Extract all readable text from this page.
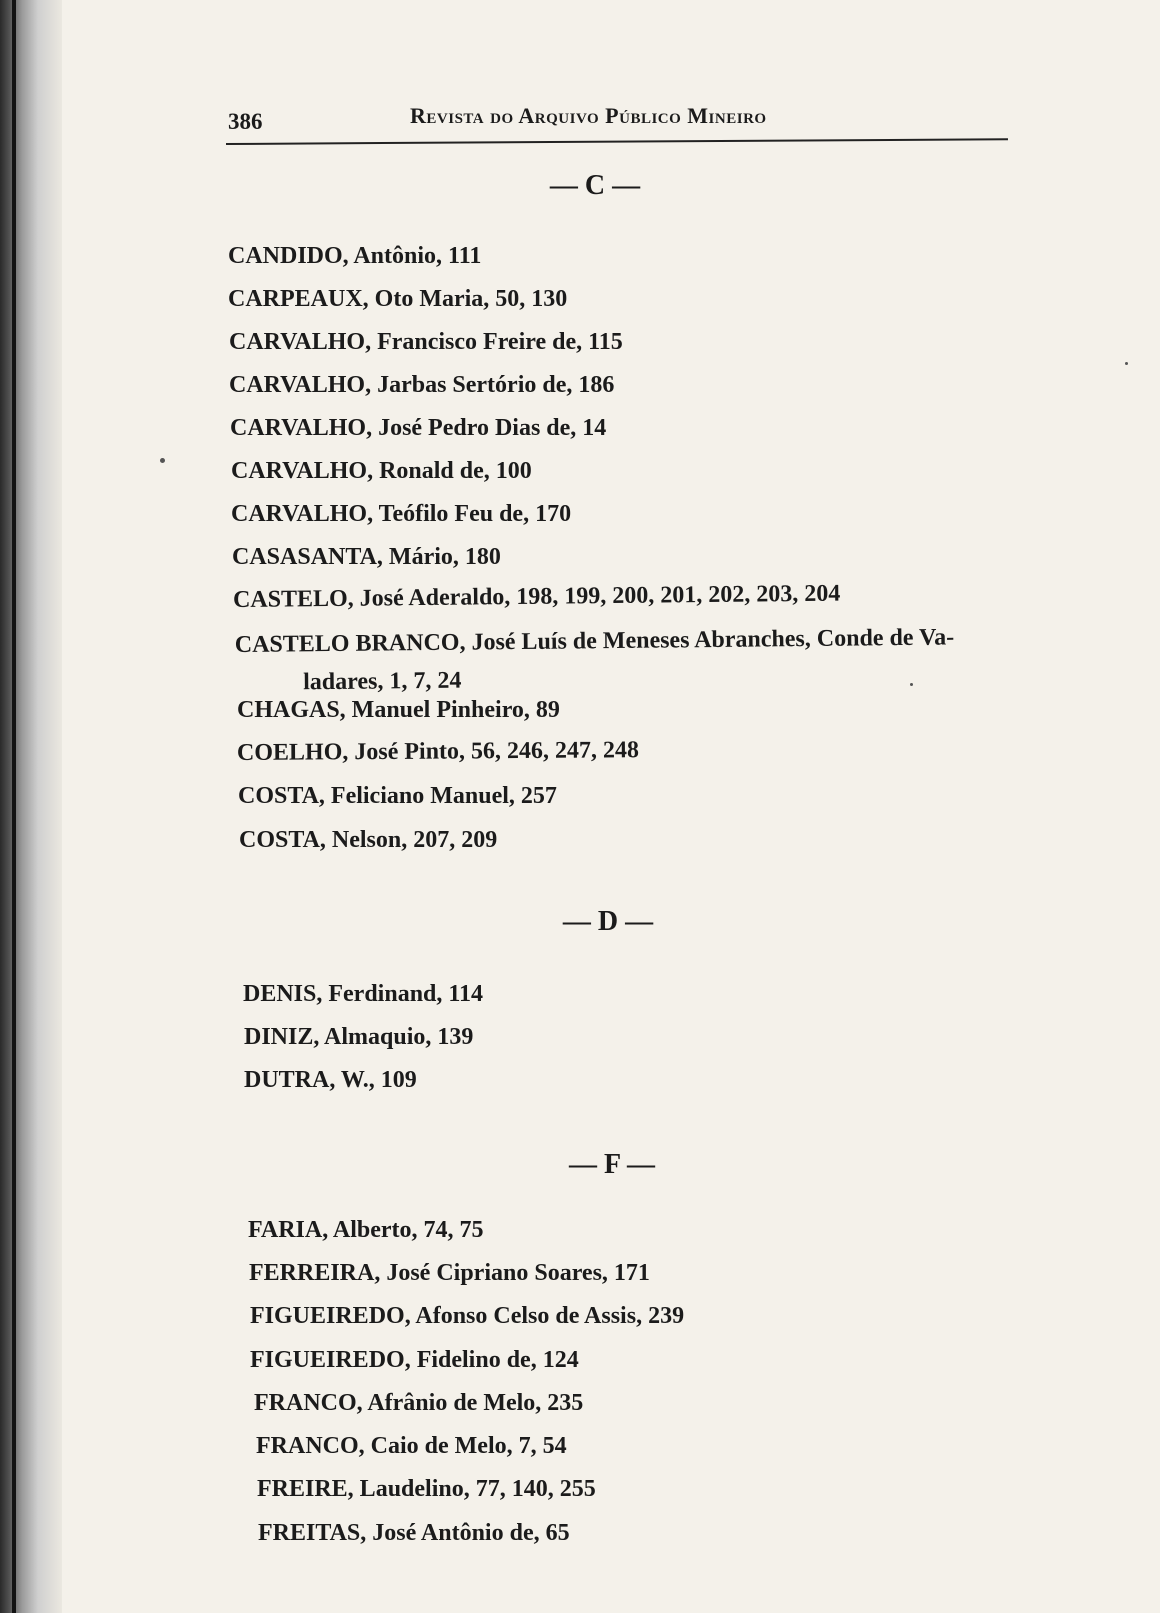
386	Revista do Arquivo Público Mineiro
— C —
CANDIDO, Antônio, 111
CARPEAUX, Oto Maria, 50, 130
CARVALHO, Francisco Freire de, 115
CARVALHO, Jarbas Sertório de, 186
CARVALHO, José Pedro Dias de, 14
CARVALHO, Ronald de, 100
CARVALHO, Teófilo Feu de, 170
CASASANTA, Mário, 180
CASTELO, José Aderaldo, 198, 199, 200, 201, 202, 203, 204
CASTELO BRANCO, José Luís de Meneses Abranches, Conde de Va-
ladares, 1, 7, 24
CHAGAS, Manuel Pinheiro, 89
COELHO, José Pinto, 56, 246, 247, 248
COSTA, Feliciano Manuel, 257
COSTA, Nelson, 207, 209
— D —
DENIS, Ferdinand, 114
DINIZ, Almaquio, 139
DUTRA, W., 109
— F —
FARIA, Alberto, 74, 75
FERREIRA, José Cipriano Soares, 171
FIGUEIREDO, Afonso Celso de Assis, 239
FIGUEIREDO, Fidelino de, 124
FRANCO, Afrânio de Melo, 235
FRANCO, Caio de Melo, 7, 54
FREIRE, Laudelino, 77, 140, 255
FREITAS, José Antônio de, 65
